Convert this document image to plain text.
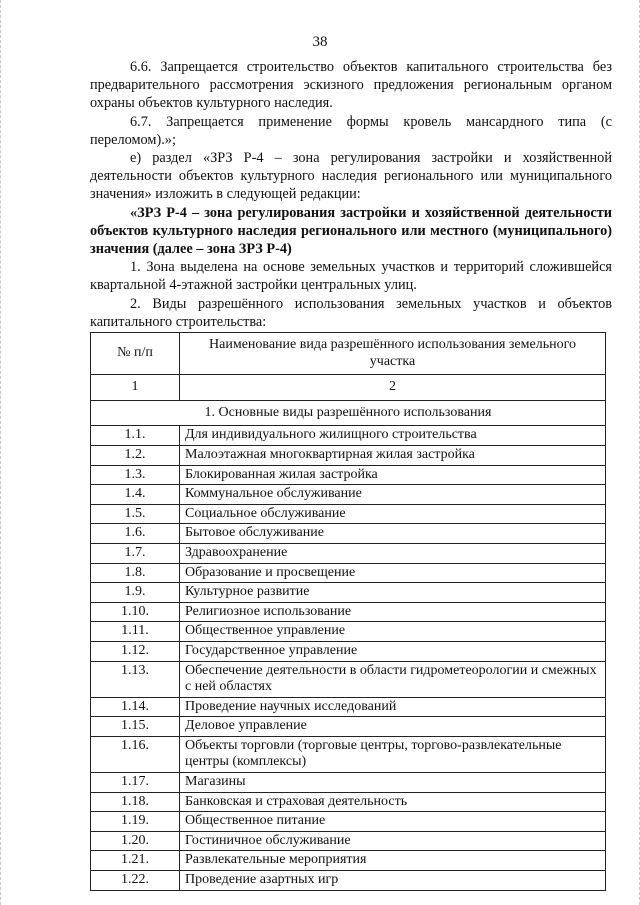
38

6.6. Запрещается строительство объектов капитального строительства без предварительного рассмотрения эскизного предложения региональным органом охраны объектов культурного наследия.

6.7. Запрещается применение формы кровель мансардного типа (с переломом).»;

е) раздел «ЗРЗ Р-4 – зона регулирования застройки и хозяйственной деятельности объектов культурного наследия регионального или муниципального значения» изложить в следующей редакции:

«ЗРЗ Р-4 – зона регулирования застройки и хозяйственной деятельности объектов культурного наследия регионального или местного (муниципального) значения (далее – зона ЗРЗ Р-4)

1. Зона выделена на основе земельных участков и территорий сложившейся квартальной 4-этажной застройки центральных улиц.

2. Виды разрешённого использования земельных участков и объектов капитального строительства:

№ п/п	Наименование вида разрешённого использования земельного участка
1	2
1. Основные виды разрешённого использования	
1.1.	Для индивидуального жилищного строительства
1.2.	Малоэтажная многоквартирная жилая застройка
1.3.	Блокированная жилая застройка
1.4.	Коммунальное обслуживание
1.5.	Социальное обслуживание
1.6.	Бытовое обслуживание
1.7.	Здравоохранение
1.8.	Образование и просвещение
1.9.	Культурное развитие
1.10.	Религиозное использование
1.11.	Общественное управление
1.12.	Государственное управление
1.13.	Обеспечение деятельности в области гидрометеорологии и смежных с ней областях
1.14.	Проведение научных исследований
1.15.	Деловое управление
1.16.	Объекты торговли (торговые центры, торгово-развлекательные центры (комплексы)
1.17.	Магазины
1.18.	Банковская и страховая деятельность
1.19.	Общественное питание
1.20.	Гостиничное обслуживание
1.21.	Развлекательные мероприятия
1.22.	Проведение азартных игр
